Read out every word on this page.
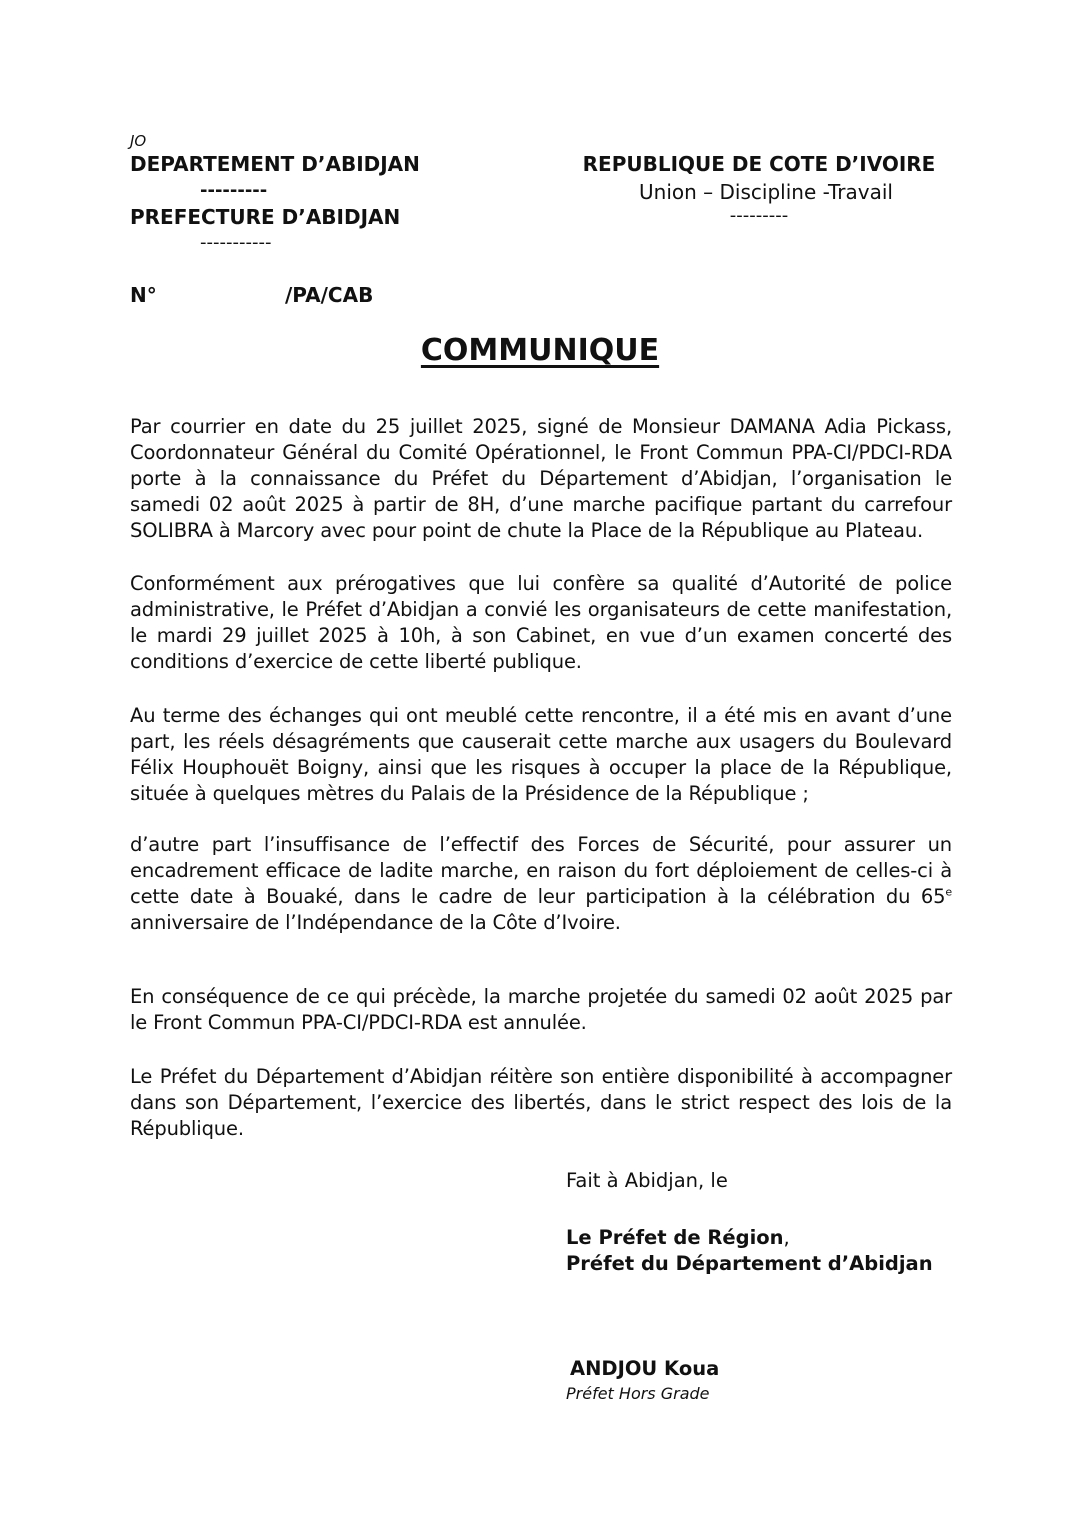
JO
DEPARTEMENT D’ABIDJAN
---------
PREFECTURE D’ABIDJAN
-----------
REPUBLIQUE DE COTE D’IVOIRE
Union – Discipline -Travail
---------
N°	/PA/CAB
COMMUNIQUE
Par courrier en date du 25 juillet 2025, signé de Monsieur DAMANA Adia Pickass, Coordonnateur Général du Comité Opérationnel, le Front Commun PPA-CI/PDCI-RDA porte à la connaissance du Préfet du Département d’Abidjan, l’organisation le samedi 02 août 2025 à partir de 8H, d’une marche pacifique partant du carrefour SOLIBRA à Marcory avec pour point de chute la Place de la République au Plateau.
Conformément aux prérogatives que lui confère sa qualité d’Autorité de police administrative, le Préfet d’Abidjan a convié les organisateurs de cette manifestation, le mardi 29 juillet 2025 à 10h, à son Cabinet, en vue d’un examen concerté des conditions d’exercice de cette liberté publique.
Au terme des échanges qui ont meublé cette rencontre, il a été mis en avant d’une part, les réels désagréments que causerait cette marche aux usagers du Boulevard Félix Houphouët Boigny, ainsi que les risques à occuper la place de la République, située à quelques mètres du Palais de la Présidence de la République ;
d’autre part l’insuffisance de l’effectif des Forces de Sécurité, pour assurer un encadrement efficace de ladite marche, en raison du fort déploiement de celles-ci à cette date à Bouaké, dans le cadre de leur participation à la célébration du 65e anniversaire de l’Indépendance de la Côte d’Ivoire.
En conséquence de ce qui précède, la marche projetée du samedi 02 août 2025 par le Front Commun PPA-CI/PDCI-RDA est annulée.
Le Préfet du Département d’Abidjan réitère son entière disponibilité à accompagner dans son Département, l’exercice des libertés, dans le strict respect des lois de la République.
Fait à Abidjan, le
Le Préfet de Région,
Préfet du Département d’Abidjan
ANDJOU Koua
Préfet Hors Grade
